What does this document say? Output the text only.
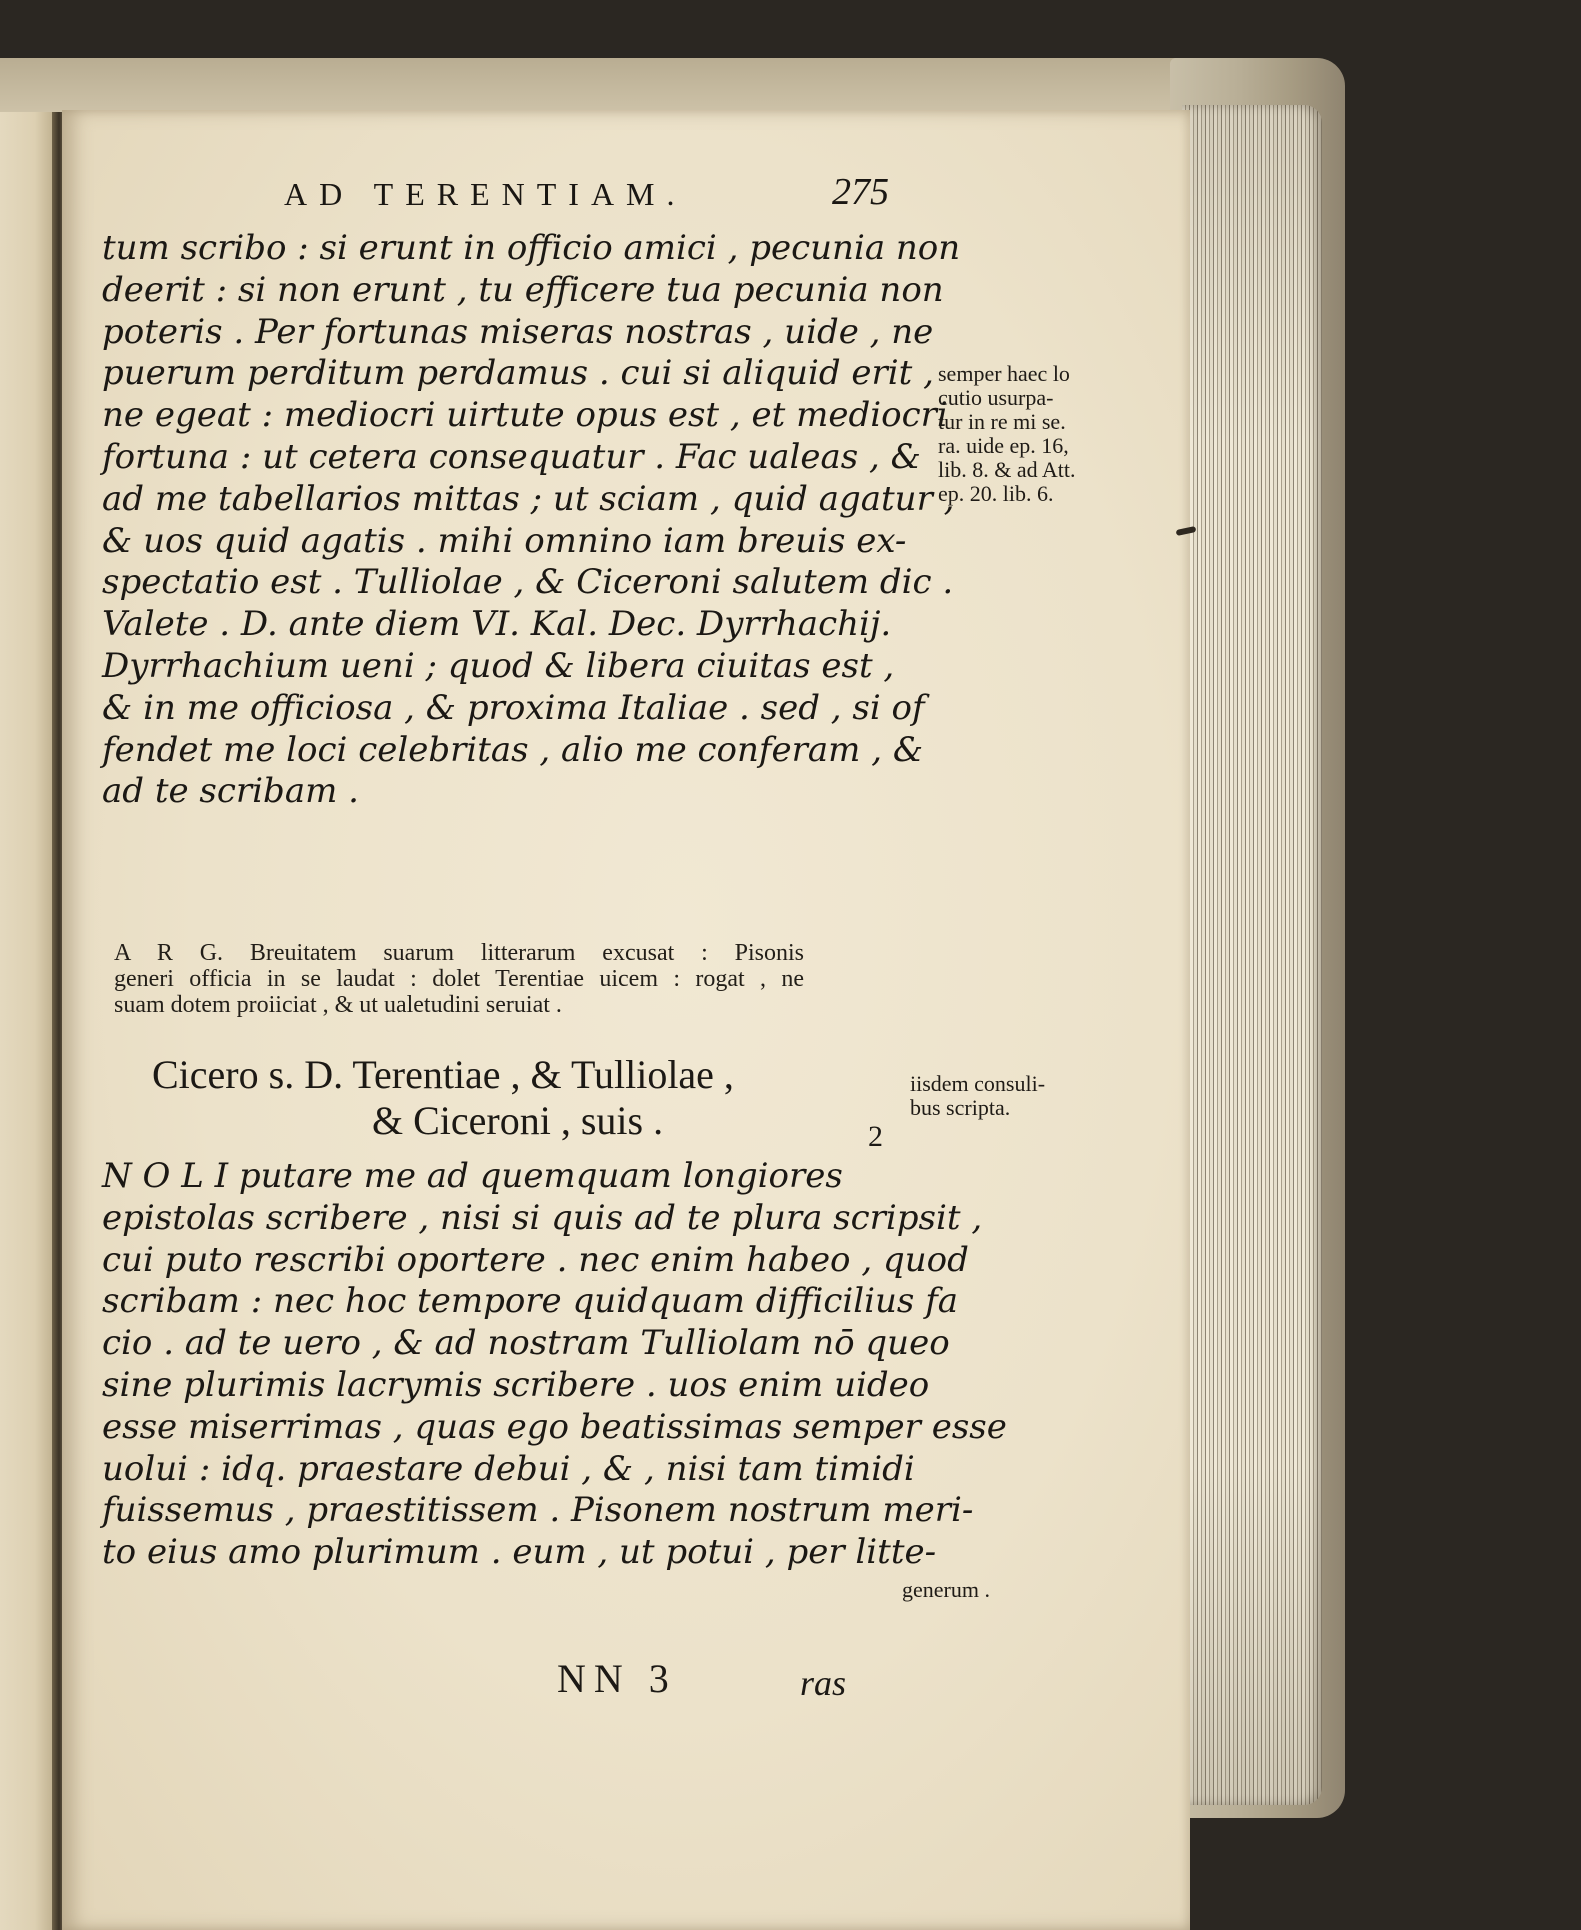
AD TERENTIAM.	275
tum scribo : si erunt in officio amici , pecunia non
deerit : si non erunt , tu efficere tua pecunia non
poteris . Per fortunas miseras nostras , uide , ne
puerum perditum perdamus . cui si aliquid erit ,
ne egeat : mediocri uirtute opus est , et mediocri
fortuna : ut cetera consequatur . Fac ualeas , &
ad me tabellarios mittas ; ut sciam , quid agatur ,
& uos quid agatis . mihi omnino iam breuis ex-
spectatio est . Tulliolae , & Ciceroni salutem dic .
Valete . D. ante diem VI. Kal. Dec. Dyrrhachij.
Dyrrhachium ueni ; quod & libera ciuitas est ,
& in me officiosa , & proxima Italiae . sed , si of
fendet me loci celebritas , alio me conferam , &
ad te scribam .
A R G. Breuitatem suarum litterarum excusat : Pisonis
generi officia in se laudat : dolet Terentiae uicem : rogat , ne
suam dotem proiiciat , & ut ualetudini seruiat .
Cicero s. D. Terentiae , & Tulliolae ,
& Ciceroni , suis .	2
N O L I putare me ad quemquam longiores
epistolas scribere , nisi si quis ad te plura scripsit ,
cui puto rescribi oportere . nec enim habeo , quod
scribam : nec hoc tempore quidquam difficilius fa
cio . ad te uero , & ad nostram Tulliolam nō queo
sine plurimis lacrymis scribere . uos enim uideo
esse miserrimas , quas ego beatissimas semper esse
uolui : idq. praestare debui , & , nisi tam timidi
fuissemus , praestitissem . Pisonem nostrum meri-
to eius amo plurimum . eum , ut potui , per litte-
semper haec lo
cutio usurpa-
tur in re mi se.
ra. uide ep. 16,
lib. 8. & ad Att.
ep. 20. lib. 6.
iisdem consuli-
bus scripta.
generum .
NN 3	ras
